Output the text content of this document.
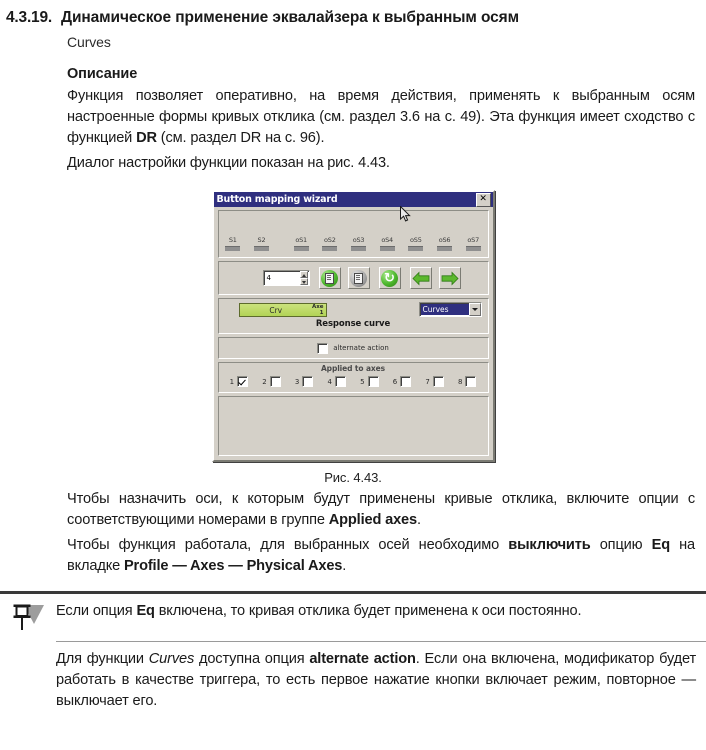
4.3.19. Динамическое применение эквалайзера к выбранным осям
Curves
Описание
Функция позволяет оперативно, на время действия, применять к выбранным осям настроенные формы кривых отклика (см. раздел 3.6 на с. 49). Эта функция имеет сходство с функцией DR (см. раздел DR на с. 96).
Диалог настройки функции показан на рис. 4.43.
Button mapping wizard	✕
S1	S2	oS1	oS2	oS3	oS4	oS5	oS6	oS7
4	↻
Crv	Axe
1	Curves
Response curve
alternate action
Applied to axes
1	2	3	4	5	6	7	8
Рис. 4.43.
Чтобы назначить оси, к которым будут применены кривые отклика, включите опции с соответствующими номерами в группе Applied axes.
Чтобы функция работала, для выбранных осей необходимо выключить опцию Eq на вкладке Profile — Axes — Physical Axes.
Если опция Eq включена, то кривая отклика будет применена к оси постоянно.
Для функции Curves доступна опция alternate action. Если она включена, модификатор будет работать в качестве триггера, то есть первое нажатие кнопки включает режим, повторное — выключает его.
